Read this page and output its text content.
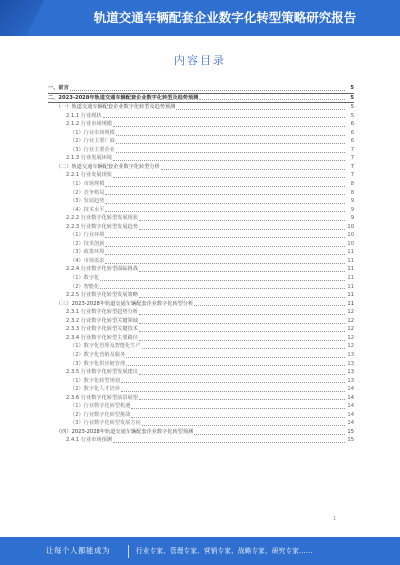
轨道交通车辆配套企业数字化转型策略研究报告
内容目录
一、前言	5
二、2023-2028年轨道交通车辆配套企业数字化转型及趋势预测	5
（一）轨道交通车辆配套企业数字化转型及趋势预测	5
2.1.1 行业现状	5
2.1.2 行业市场规模	6
（1）行业市场规模	6
（2）行业主要厂商	6
（3）行业主要企业	7
2.1.3 行业发展环境	7
（二）轨道交通车辆配套企业数字化转型分析	7
2.2.1 行业发展现状	7
（1）市场规模	8
（2）竞争格局	8
（3）发展趋势	9
（4）技术水平	9
2.2.2 行业数字化转型发展现状	9
2.2.3 行业数字化转型发展趋势	10
（1）行业环境	10
（2）技术创新	10
（3）政策环境	11
（4）市场需求	11
2.2.4 行业数字化转型面临挑战	11
（1）数字化	11
（2）智能化	11
2.2.5 行业数字化转型发展策略	11
（三）2023-2028年轨道交通车辆配套企业数字化转型分析	11
2.3.1 行业数字化转型趋势分析	12
2.3.2 行业数字化转型关键领域	12
2.3.3 行业数字化转型关键技术	12
2.3.4 行业数字化转型主要路径	12
（1）数字化管理及智能化生产	12
（2）数字化营销及服务	13
（3）数字化供应链管理	13
2.3.5 行业数字化转型发展建议	13
（1）数字化转型规划	13
（2）数字化人才培养	14
2.3.6 行业数字化转型前景展望	14
（1）行业数字化转型机遇	14
（2）行业数字化转型挑战	14
（3）行业数字化转型发展方向	14
（四）2023-2028年轨道交通车辆配套企业数字化转型预测	15
2.4.1 行业市场预测	15
1
让每个人都能成为	行业专家、管理专家、营销专家、战略专家、研究专家……
